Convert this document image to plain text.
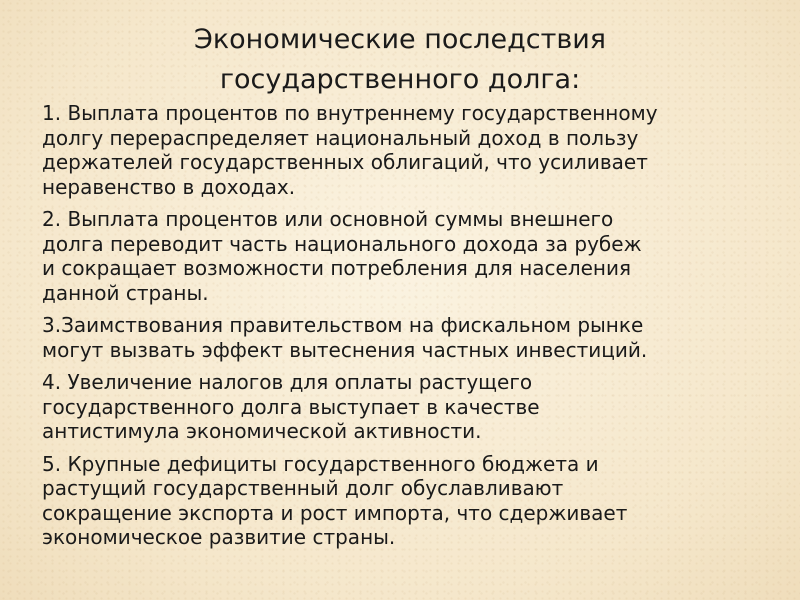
Экономические последствия
государственного долга:
1. Выплата процентов по внутреннему государственному
долгу перераспределяет национальный доход в пользу
держателей государственных облигаций, что усиливает
неравенство в доходах.
2. Выплата процентов или основной суммы внешнего
долга переводит часть национального дохода за рубеж
и сокращает возможности потребления для населения
данной страны.
3.Заимствования правительством на фискальном рынке
могут вызвать эффект вытеснения частных инвестиций.
4. Увеличение налогов для оплаты растущего
государственного долга выступает в качестве
антистимула экономической активности.
5. Крупные дефициты государственного бюджета и
растущий государственный долг обуславливают
сокращение экспорта и рост импорта, что сдерживает
экономическое развитие страны.
